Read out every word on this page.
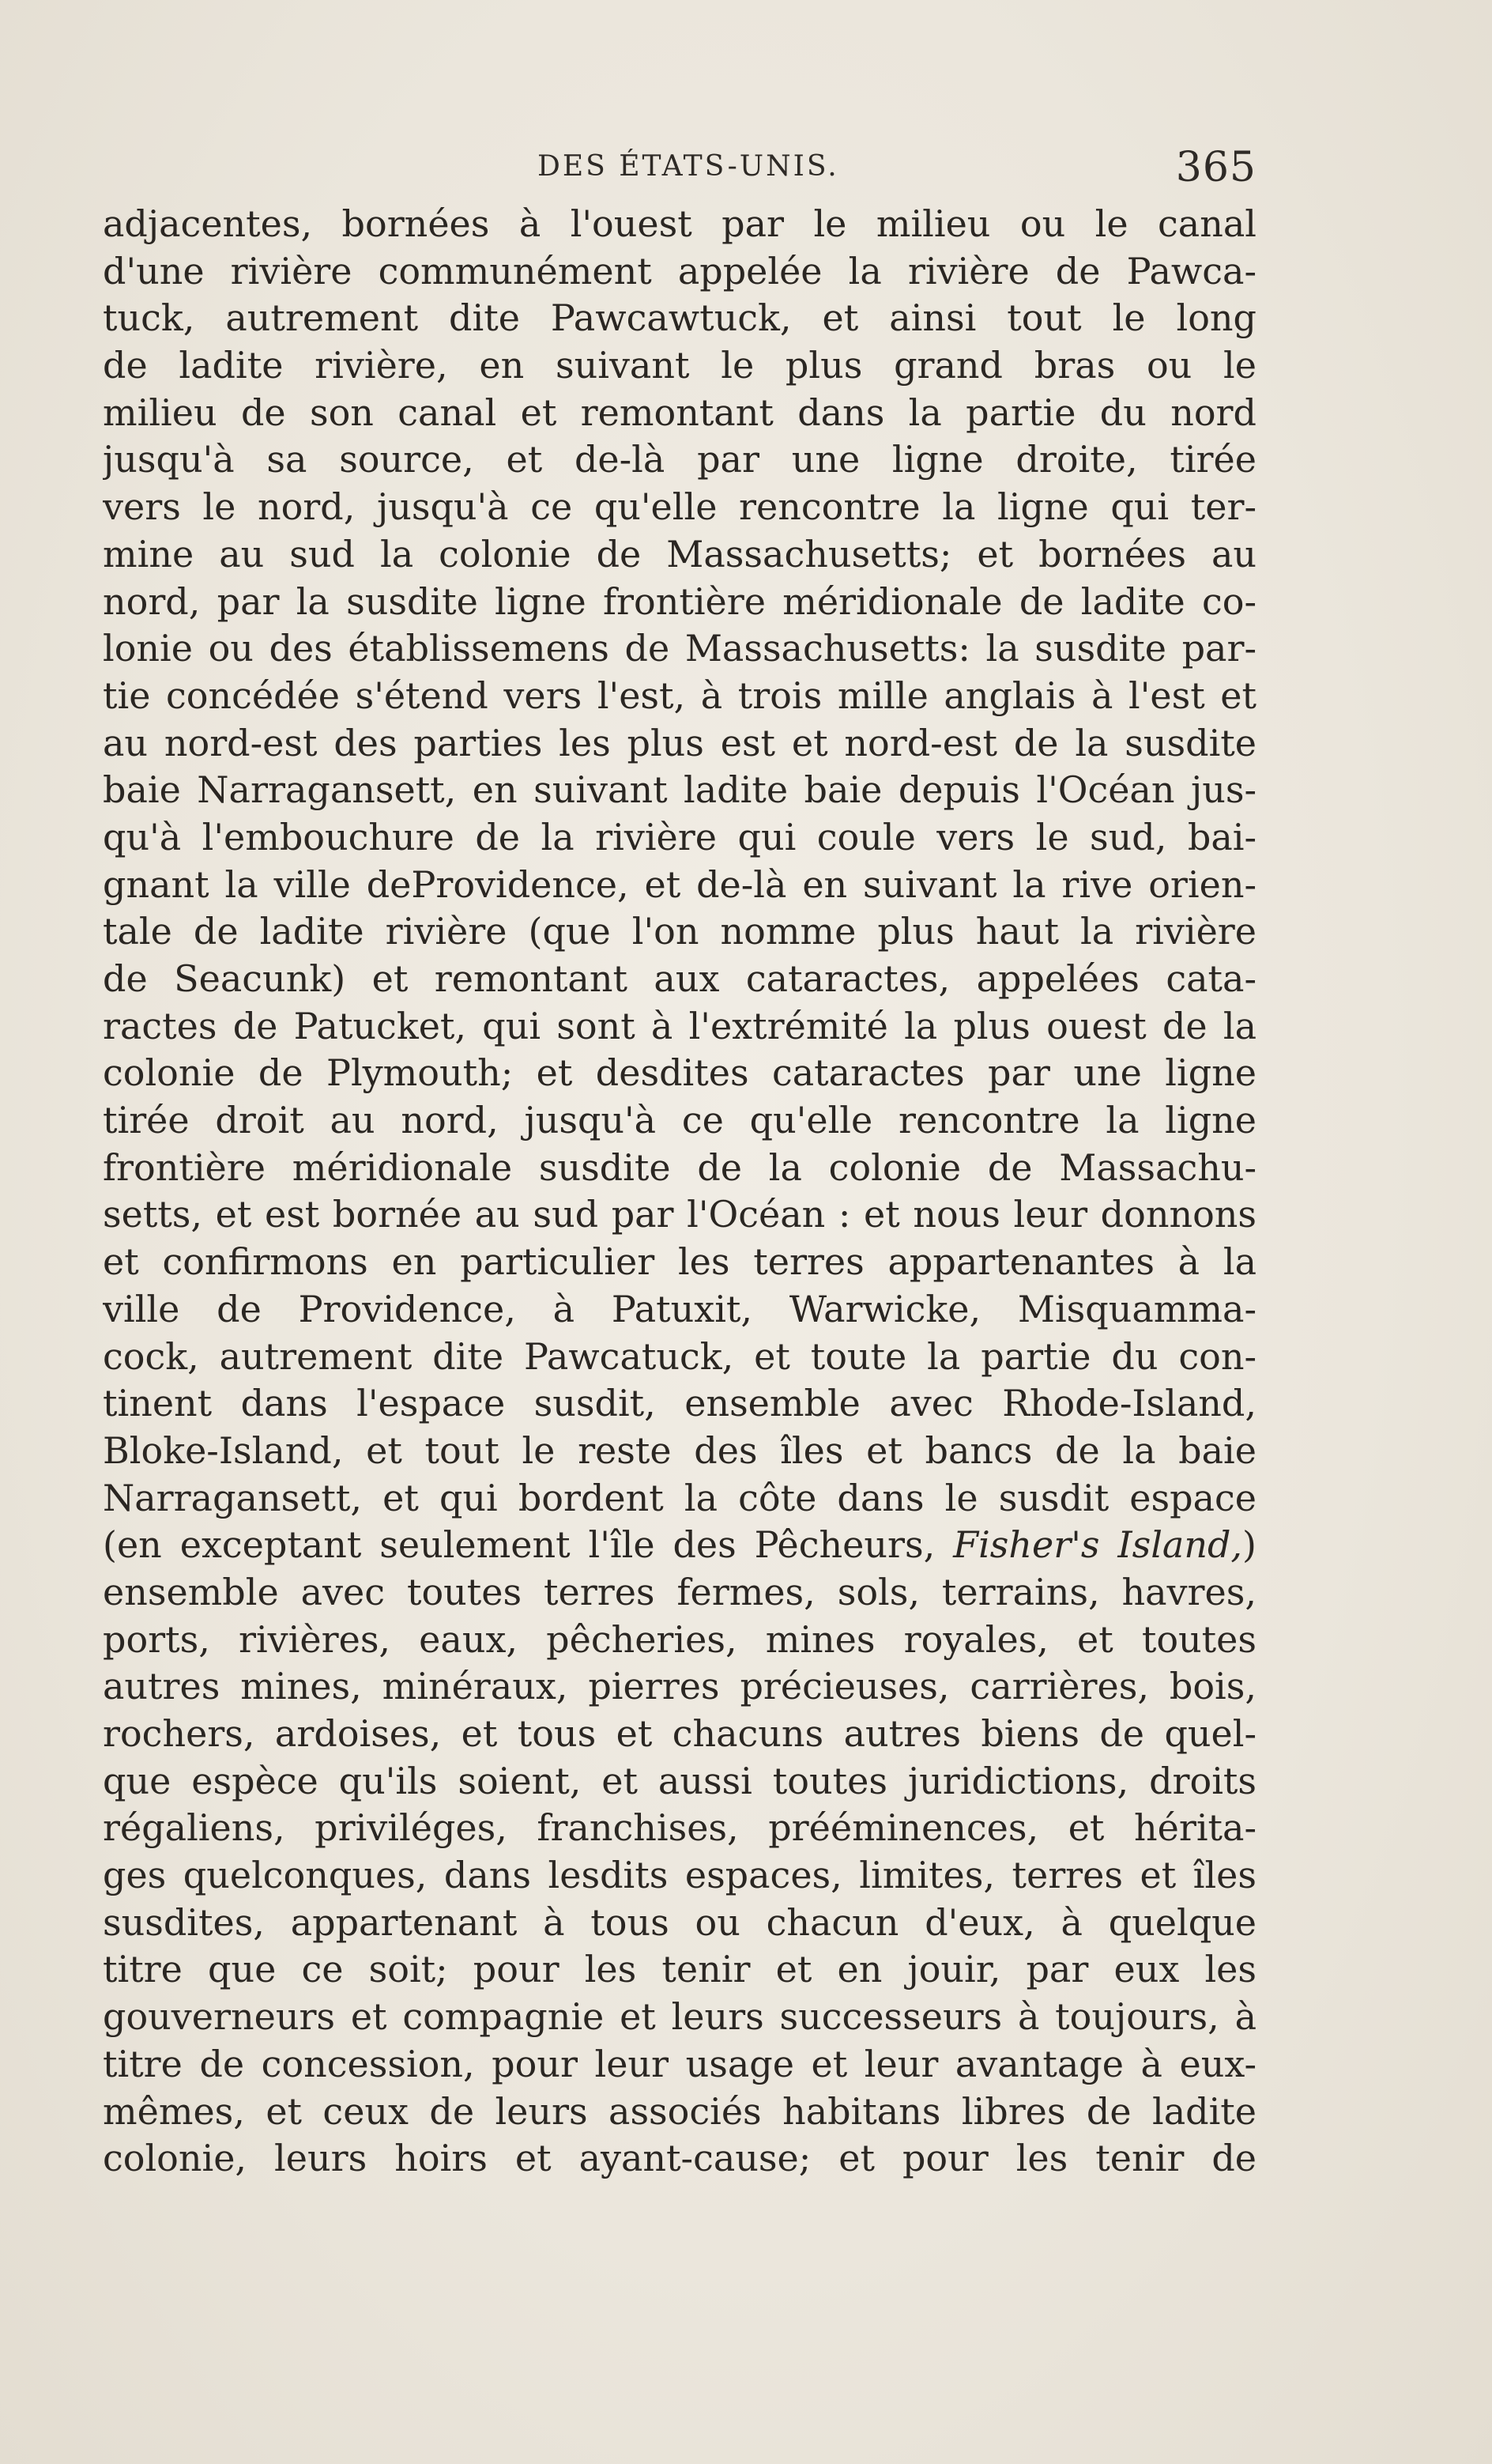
DES ÉTATS-UNIS.	365
adjacentes, bornées à l'ouest par le milieu ou le canal
d'une rivière communément appelée la rivière de Pawca-
tuck, autrement dite Pawcawtuck, et ainsi tout le long
de ladite rivière, en suivant le plus grand bras ou le
milieu de son canal et remontant dans la partie du nord
jusqu'à sa source, et de-là par une ligne droite, tirée
vers le nord, jusqu'à ce qu'elle rencontre la ligne qui ter-
mine au sud la colonie de Massachusetts; et bornées au
nord, par la susdite ligne frontière méridionale de ladite co-
lonie ou des établissemens de Massachusetts: la susdite par-
tie concédée s'étend vers l'est, à trois mille anglais à l'est et
au nord-est des parties les plus est et nord-est de la susdite
baie Narragansett, en suivant ladite baie depuis l'Océan jus-
qu'à l'embouchure de la rivière qui coule vers le sud, bai-
gnant la ville deProvidence, et de-là en suivant la rive orien-
tale de ladite rivière (que l'on nomme plus haut la rivière
de Seacunk) et remontant aux cataractes, appelées cata-
ractes de Patucket, qui sont à l'extrémité la plus ouest de la
colonie de Plymouth; et desdites cataractes par une ligne
tirée droit au nord, jusqu'à ce qu'elle rencontre la ligne
frontière méridionale susdite de la colonie de Massachu-
setts, et est bornée au sud par l'Océan : et nous leur donnons
et confirmons en particulier les terres appartenantes à la
ville de Providence, à Patuxit, Warwicke, Misquamma-
cock, autrement dite Pawcatuck, et toute la partie du con-
tinent dans l'espace susdit, ensemble avec Rhode-Island,
Bloke-Island, et tout le reste des îles et bancs de la baie
Narragansett, et qui bordent la côte dans le susdit espace
(en exceptant seulement l'île des Pêcheurs, Fisher's Island,)
ensemble avec toutes terres fermes, sols, terrains, havres,
ports, rivières, eaux, pêcheries, mines royales, et toutes
autres mines, minéraux, pierres précieuses, carrières, bois,
rochers, ardoises, et tous et chacuns autres biens de quel-
que espèce qu'ils soient, et aussi toutes juridictions, droits
régaliens, priviléges, franchises, prééminences, et hérita-
ges quelconques, dans lesdits espaces, limites, terres et îles
susdites, appartenant à tous ou chacun d'eux, à quelque
titre que ce soit; pour les tenir et en jouir, par eux les
gouverneurs et compagnie et leurs successeurs à toujours, à
titre de concession, pour leur usage et leur avantage à eux-
mêmes, et ceux de leurs associés habitans libres de ladite
colonie, leurs hoirs et ayant-cause; et pour les tenir de
